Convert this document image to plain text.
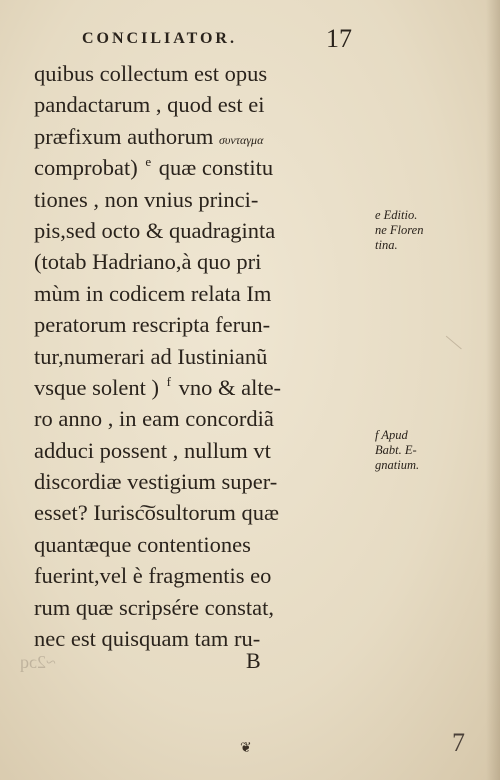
CONCILIATOR.	17
quibus collectum est opus
pandactarum , quod est ei
præfixum authorum συνταγμα
comprobat) $^e$ quæ constitu
tiones , non vnius princi-
pis,sed octo & quadraginta
(totab Hadriano,à quo pri
mùm in codicem relata Im
peratorum rescripta ferun-
tur,numerari ad Iustinianũ
vsque solent ) $^f$ vno & alte-
ro anno , in eam concordiã
adduci possent , nullum vt
discordiæ vestigium super-
esset? Iurisc͠osultorum quæ
quantæque contentiones
fuerint,vel è fragmentis eo
rum quæ scripsére constat,
nec est quisquam tam ru-
e Editio.
ne Floren
tina.
f Apud
Babt. E-
gnatium.
~2ɔq	B
❦	7
